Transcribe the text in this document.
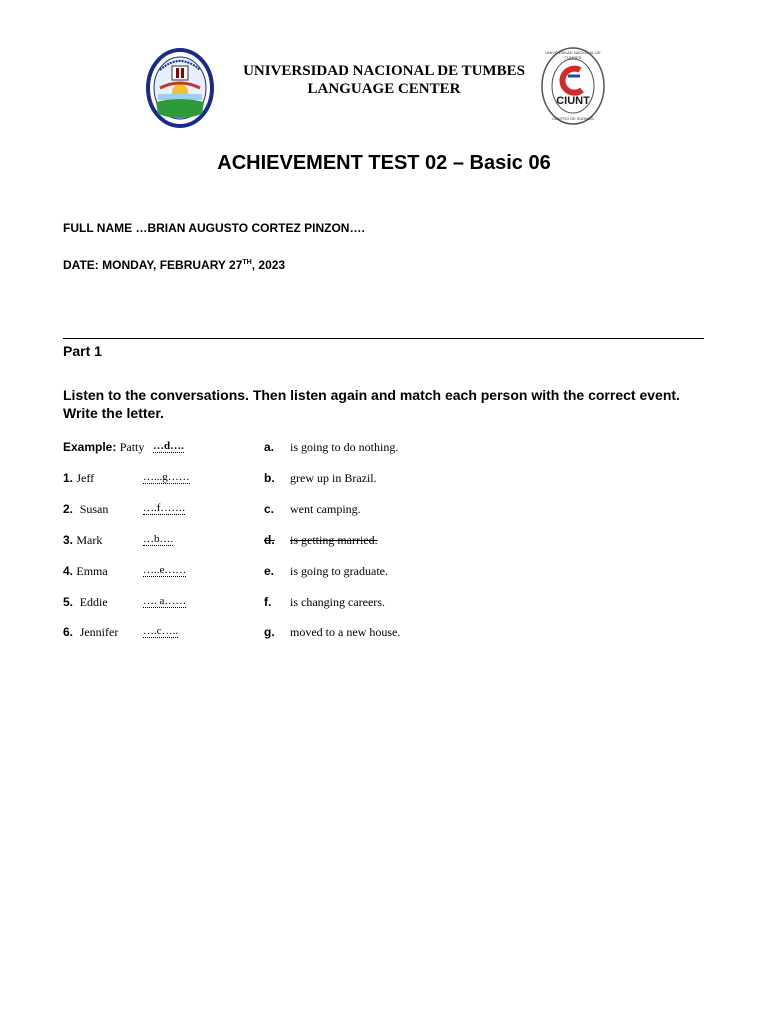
UNIVERSIDAD NACIONAL DE TUMBES
LANGUAGE CENTER
CIUNT
UNIVERSIDAD NACIONAL DE TUMBES
CENTRO DE IDIOMAS
ACHIEVEMENT TEST 02 – Basic 06
FULL NAME …BRIAN AUGUSTO CORTEZ PINZON….
DATE: MONDAY, FEBRUARY 27TH, 2023
Part 1
Listen to the conversations. Then listen again and match each person with the correct event. Write the letter.
Example: Patty …d….	a. is going to do nothing.
1. Jeff	…...g……	b. grew up in Brazil.
2. Susan	….f…….	c. went camping.
3. Mark	…b….	d. is getting married.
4. Emma	…..e……	e. is going to graduate.
5. Eddie	…. a……	f. is changing careers.
6. Jennifer ….c…..	g. moved to a new house.
